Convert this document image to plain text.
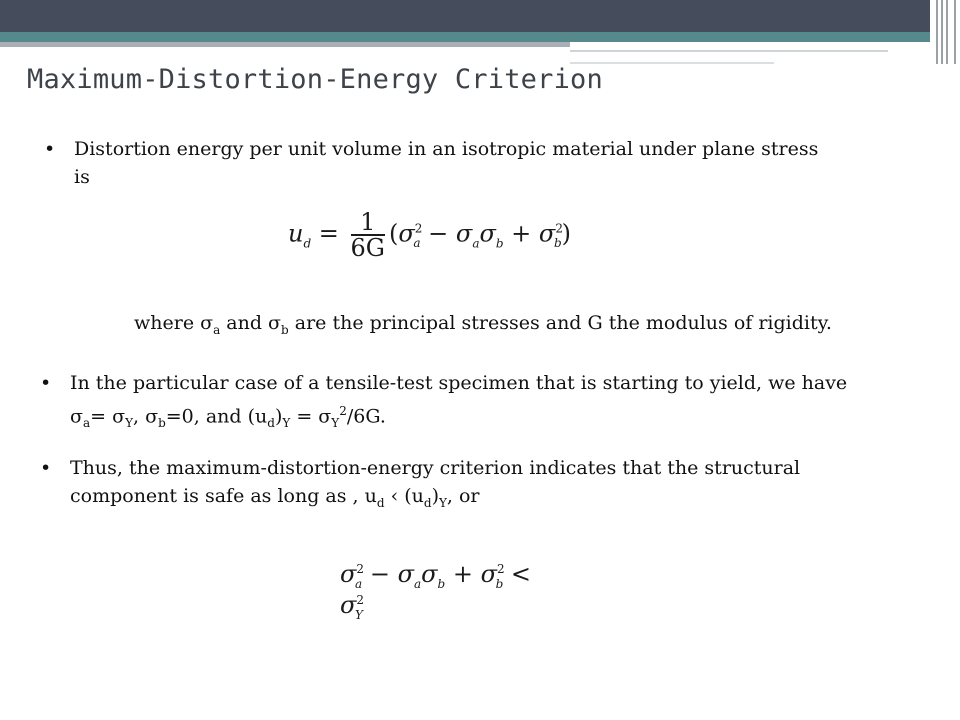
Maximum-Distortion-Energy Criterion
• Distortion energy per unit volume in an isotropic material under plane stress
is
$u_d = \frac{1}{6G} (\sigma^2_a - \sigma_a\sigma_b + \sigma^2_b)$
where $\sigma_a$ and $\sigma_b$ are the principal stresses and G the modulus of rigidity.
• In the particular case of a tensile-test specimen that is starting to yield, we have
$\sigma_a= \sigma_Y$, $\sigma_b=0$, and $(u_d)_Y = \sigma_Y^2/6G$.
• Thus, the maximum-distortion-energy criterion indicates that the structural
component is safe as long as , $u_d$ ‹ $(u_d)_Y$, or
$\sigma^2_a - \sigma_a\sigma_b + \sigma^2_b < \sigma^2_Y$
